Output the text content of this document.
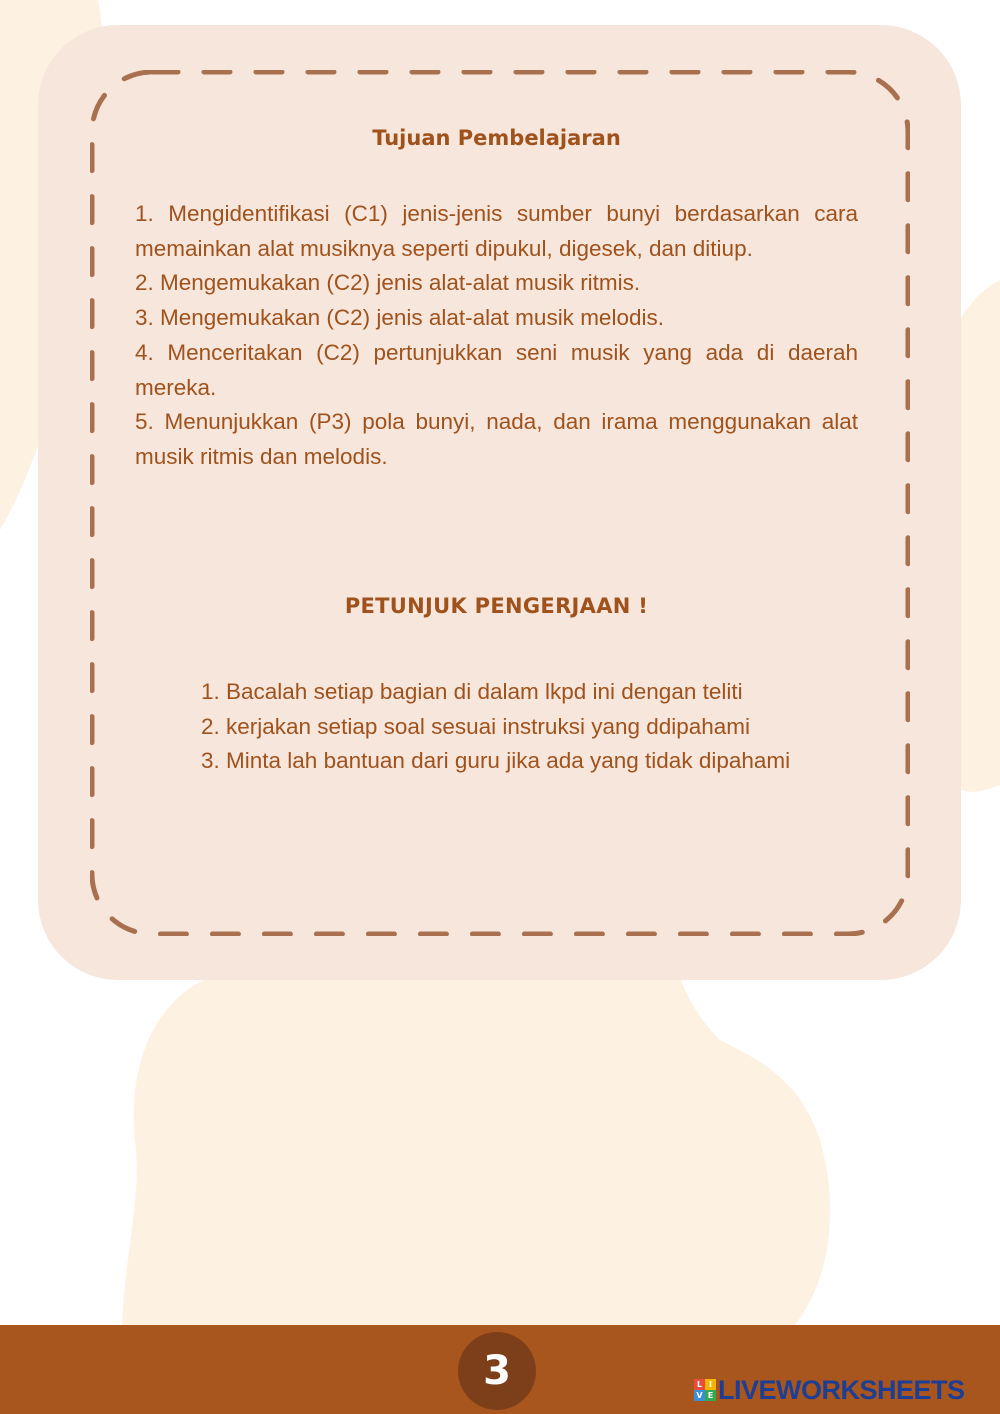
Tujuan Pembelajaran

1. Mengidentifikasi (C1) jenis-jenis sumber bunyi berdasarkan cara memainkan alat musiknya seperti dipukul, digesek, dan ditiup.

2. Mengemukakan (C2) jenis alat-alat musik ritmis.

3. Mengemukakan (C2) jenis alat-alat musik melodis.

4. Menceritakan (C2) pertunjukkan seni musik yang ada di daerah mereka.

5. Menunjukkan (P3) pola bunyi, nada, dan irama menggunakan alat musik ritmis dan melodis.

PETUNJUK PENGERJAAN !

1. Bacalah setiap bagian di dalam lkpd ini dengan teliti

2. kerjakan setiap soal sesuai instruksi yang ddipahami

3. Minta lah bantuan dari guru jika ada yang tidak dipahami

3	L I
V E LIVEWORKSHEETS
